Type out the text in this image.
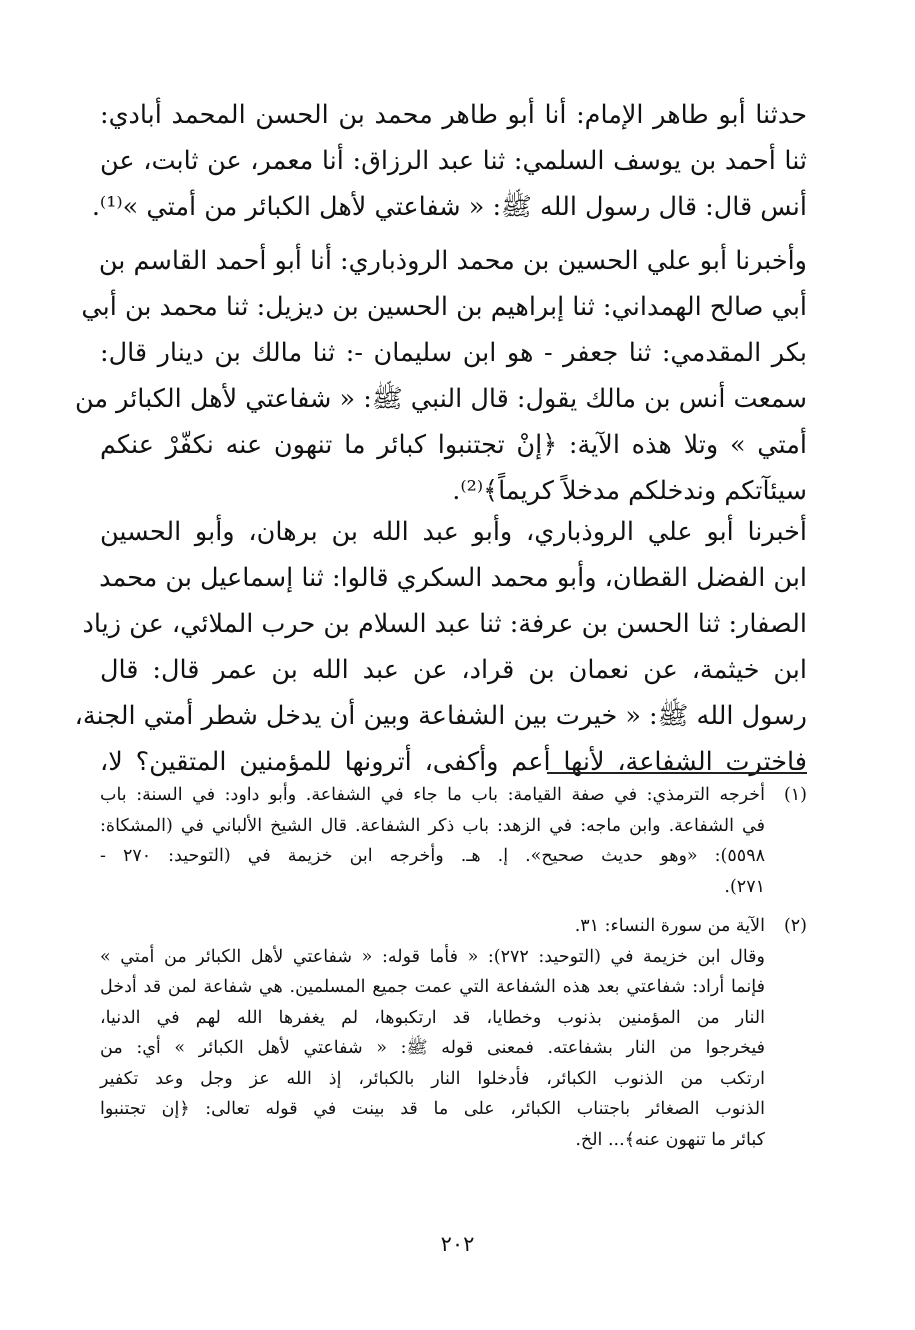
حدثنا أبو طاهر الإمام: أنا أبو طاهر محمد بن الحسن المحمد أبادي:
ثنا أحمد بن يوسف السلمي: ثنا عبد الرزاق: أنا معمر، عن ثابت، عن
أنس قال: قال رسول الله ﷺ: « شفاعتي لأهل الكبائر من أمتي »⁽¹⁾.
وأخبرنا أبو علي الحسين بن محمد الروذباري: أنا أبو أحمد القاسم بن
أبي صالح الهمداني: ثنا إبراهيم بن الحسين بن ديزيل: ثنا محمد بن أبي
بكر المقدمي: ثنا جعفر - هو ابن سليمان -: ثنا مالك بن دينار قال:
سمعت أنس بن مالك يقول: قال النبي ﷺ: « شفاعتي لأهل الكبائر من
أمتي » وتلا هذه الآية: ﴿إنْ تجتنبوا كبائر ما تنهون عنه نكفّرْ عنكم
سيئآتكم وندخلكم مدخلاً كريماً﴾⁽²⁾.
أخبرنا أبو علي الروذباري، وأبو عبد الله بن برهان، وأبو الحسين
ابن الفضل القطان، وأبو محمد السكري قالوا: ثنا إسماعيل بن محمد
الصفار: ثنا الحسن بن عرفة: ثنا عبد السلام بن حرب الملائي، عن زياد
ابن خيثمة، عن نعمان بن قراد، عن عبد الله بن عمر قال: قال
رسول الله ﷺ: « خيرت بين الشفاعة وبين أن يدخل شطر أمتي الجنة،
فاخترت الشفاعة، لأنها أعم وأكفى، أترونها للمؤمنين المتقين؟ لا،
(١)
أخرجه الترمذي: في صفة القيامة: باب ما جاء في الشفاعة. وأبو داود: في السنة: باب
في الشفاعة. وابن ماجه: في الزهد: باب ذكر الشفاعة. قال الشيخ الألباني في (المشكاة:
٥٥٩٨): «وهو حديث صحيح». إ. هـ. وأخرجه ابن خزيمة في (التوحيد: ٢٧٠ -
٢٧١).
(٢)
الآية من سورة النساء: ٣١.
وقال ابن خزيمة في (التوحيد: ٢٧٢): « فأما قوله: « شفاعتي لأهل الكبائر من أمتي »
فإنما أراد: شفاعتي بعد هذه الشفاعة التي عمت جميع المسلمين. هي شفاعة لمن قد أدخل
النار من المؤمنين بذنوب وخطايا، قد ارتكبوها، لم يغفرها الله لهم في الدنيا،
فيخرجوا من النار بشفاعته. فمعنى قوله ﷺ: « شفاعتي لأهل الكبائر » أي: من
ارتكب من الذنوب الكبائر، فأدخلوا النار بالكبائر، إذ الله عز وجل وعد تكفير
الذنوب الصغائر باجتناب الكبائر، على ما قد بينت في قوله تعالى: ﴿إن تجتنبوا
كبائر ما تنهون عنه﴾... الخ.
٢٠٢
